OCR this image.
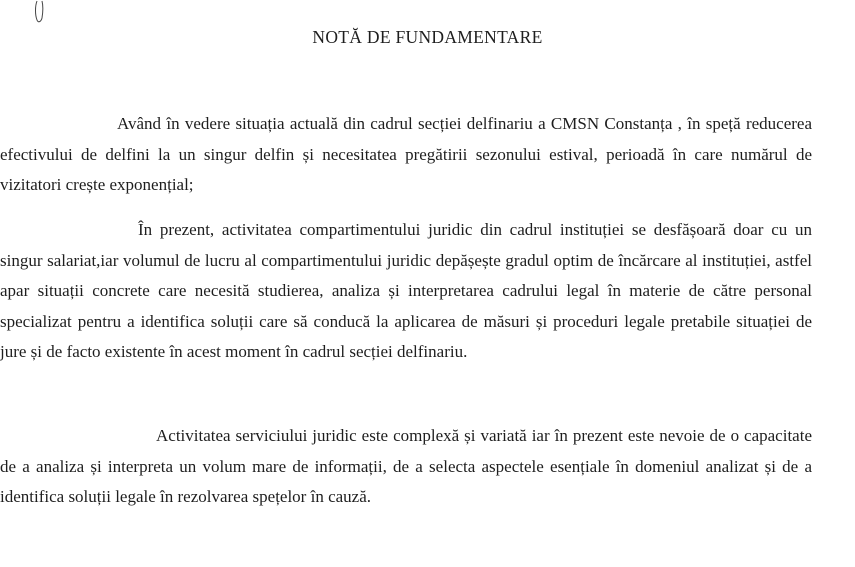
NOTĂ DE FUNDAMENTARE

Având în vedere situația actuală din cadrul secției delfinariu a CMSN Constanța , în speță reducerea efectivului de delfini la un singur delfin și necesitatea pregătirii sezonului estival, perioadă în care numărul de vizitatori crește exponențial;

În prezent, activitatea compartimentului juridic din cadrul instituției se desfășoară doar cu un singur salariat,iar volumul de lucru al compartimentului juridic depășește gradul optim de încărcare al instituției, astfel apar situații concrete care necesită studierea, analiza și interpretarea cadrului legal în materie de către personal specializat pentru a identifica soluții care să conducă la aplicarea de măsuri și proceduri legale pretabile situației de jure și de facto existente în acest moment în cadrul secției delfinariu.

Activitatea serviciului juridic este complexă și variată iar în prezent este nevoie de o capacitate de a analiza și interpreta un volum mare de informații, de a selecta aspectele esențiale în domeniul analizat și de a identifica soluții legale în rezolvarea spețelor în cauză.
